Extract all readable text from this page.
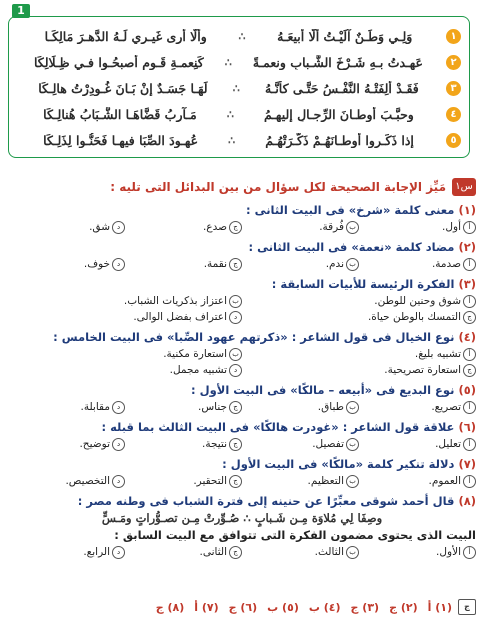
1
١
وَلِـي وَطَـنٌ آلَيْـتُ ألَّا أبيعَـهُ
∴
وألَّا أرى غَيـري لَـهُ الدَّهـرَ مَالِكَـا
٢
عَهِـدتُ بـهِ شَـرْخَ الشَّـبابِ ونعمـةً
∴
كَنِعمـةِ قَـومٍ أصبحُـوا فـي ظِـلَالِكَا
٣
فَقَـدْ أَلِفَتْـهُ النَّفْـسُ حَتَّـى كأنَّـهُ
∴
لَهَـا جَسَـدٌ إنْ بَـانَ غُـودِرْتُ هالِـكَا
٤
وحبَّـبَ أوطـانَ الرِّجـالِ إليهِـمُ
∴
مَـآرِبُ قَضَّاهَـا الشَّـبَابُ هُنالِـكَا
٥
إذا ذَكَـروا أوطـانَهُـمْ ذَكَّـرَتْهُـمُ
∴
عُهـودَ الصِّبَا فيهـا فَحَنُّـوا لِذَلِـكَا
س١
مَيِّز الإجابة الصحيحة لكل سؤال من بين البدائل التى تليه :
(١) معنى كلمة «شرخ» فى البيت الثانى :
أأول.
بفُرقة.
جصدع.
دشق.
(٢) مضاد كلمة «نعمة» فى البيت الثانى :
أصدمة.
بندم.
جنقمة.
دخوف.
(٣) الفكرة الرئيسة للأبيات السابقة :
أشوق وحنين للوطن.
باعتزاز بذكريات الشباب.
جالتمسك بالوطن حياة.
داعتراف بفضل الوالى.
(٤) نوع الخيال فى قول الشاعر : «ذكرتهم عهود الصِّبا» فى البيت الخامس :
أتشبيه بليغ.
باستعارة مكنية.
جاستعارة تصريحية.
دتشبيه مجمل.
(٥) نوع البديع فى «أبيعه – مالكًا» فى البيت الأول :
أتصريع.
بطباق.
ججناس.
دمقابلة.
(٦) علاقة قول الشاعر : «غودرت هالكًا» فى البيت الثالث بما قبله :
أتعليل.
بتفصيل.
جنتيجة.
دتوضيح.
(٧) دلالة تنكير كلمة «مالكًا» فى البيت الأول :
أالعموم.
بالتعظيم.
جالتحقير.
دالتخصيص.
(٨) قال أحمد شوقى معبِّرًا عن حنينه إلى فترة الشباب فى وطنه مصر :
وصِفَا لِي مُلاوَة مِـن شَـبابٍ ∴ صُـوِّرتْ مِـن تصـوُّراتٍ ومَـسٍّ
البيت الذى يحتوى مضمون الفكرة التى تتوافق مع البيت السابق :
أالأول.
بالثالث.
جالثانى.
دالرابع.
ج
(١) أ
(٢) ج
(٣) ج
(٤) ب
(٥) ب
(٦) ج
(٧) أ
(٨) ج
